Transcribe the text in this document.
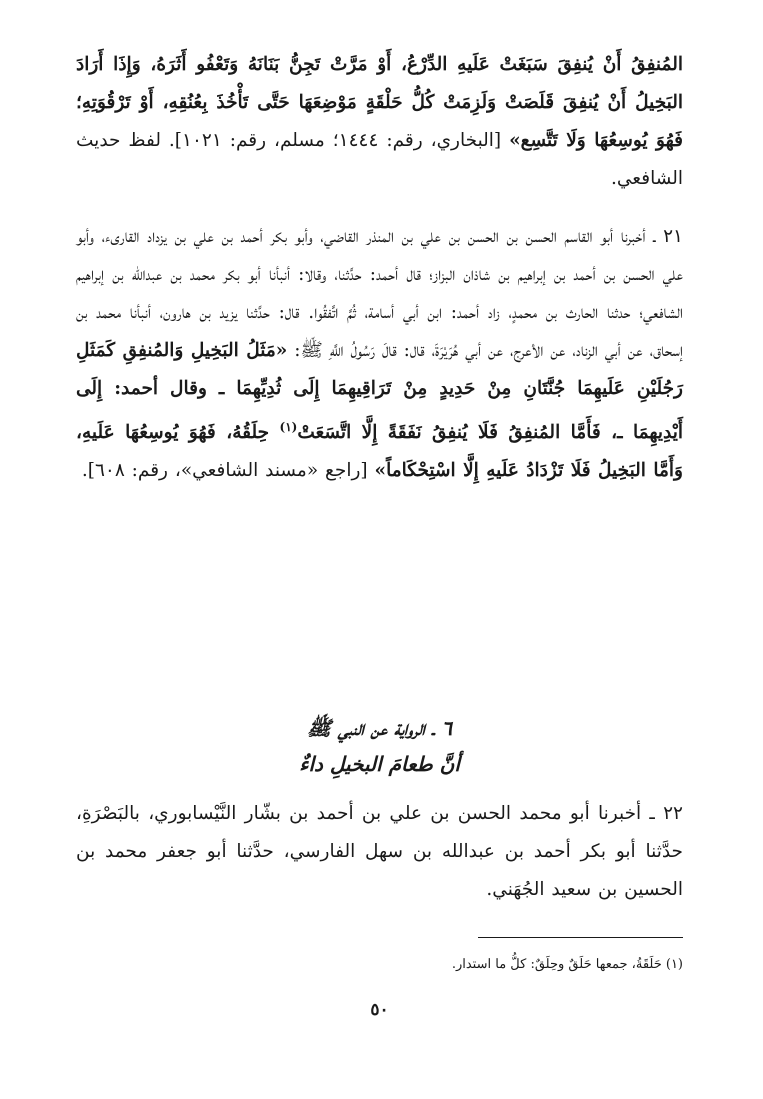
المُنفِقُ أَنْ يُنفِقَ سَبَغَتْ عَلَيهِ الدِّرْعُ، أَوْ مَرَّتْ تَجِنُّ بَنَانَهُ وَتَعْفُو أَثَرَهُ، وَإِذَا أَرَادَ البَخِيلُ أَنْ يُنفِقَ قَلَصَتْ وَلَزِمَتْ كُلُّ حَلْقَةٍ مَوْضِعَهَا حَتَّى تَأْخُذَ بِعُنُقِهِ، أَوْ تَرْقُوَتِهِ؛ فَهُوَ يُوسِعُهَا وَلَا تَتَّسِع» [البخاري، رقم: ١٤٤٤؛ مسلم، رقم: ١٠٢١]. لفظ حديث الشافعي.

٢١ ـ أخبرنا أبو القاسم الحسن بن الحسن بن علي بن المنذر القاضي، وأبو بكر أحمد بن علي بن يزداد القارىء، وأبو علي الحسن بن أحمد بن إبراهيم بن شاذان البزاز؛ قال أحمد: حدَّثنا، وقالا: أنبأنا أبو بكر محمد بن عبدالله بن إبراهيم الشافعي؛ حدثنا الحارث بن محمدٍ، زاد أحمد: ابن أبي أسامة، ثُمَّ اتَّفقُوا. قال: حدَّثنا يزيد بن هارون، أنبأنا محمد بن إسحاق، عن أبي الزناد، عن الأعرج، عن أبي هُرَيْرَةَ، قال: قالَ رَسُولُ اللَّهِ ﷺ: «مَثَلُ البَخِيلِ وَالمُنفِقِ كَمَثَلِ رَجُلَيْنِ عَلَيهِمَا جُنَّتَانِ مِنْ حَدِيدٍ مِنْ تَرَاقِيهِمَا إِلَى ثُدِيِّهِمَا ـ وقال أحمد: إِلَى أَيْدِيهِمَا ـ، فَأَمَّا المُنفِقُ فَلَا يُنفِقُ نَفَقَةً إِلَّا اتَّسَعَتْ$^{(١)}$ حِلَقُهُ، فَهُوَ يُوسِعُهَا عَلَيهِ، وَأَمَّا البَخِيلُ فَلَا تَزْدَادُ عَلَيهِ إِلَّا اسْتِحْكَاماً» [راجع «مسند الشافعي»، رقم: ٦٠٨].

٦ ـ الرواية عن النبي ﷺ
أنَّ طعامَ البخيلِ داءٌ

٢٢ ـ أخبرنا أبو محمد الحسن بن علي بن أحمد بن بشّار النَّيْسابوري، بالبَصْرَةِ، حدَّثنا أبو بكر أحمد بن عبدالله بن سهل الفارسي، حدَّثنا أبو جعفر محمد بن الحسين بن سعيد الجُهَني.

(١) حَلَقَةُ، جمعها حَلَقٌ وحِلَقٌ: كلُّ ما استدار.

٥٠
